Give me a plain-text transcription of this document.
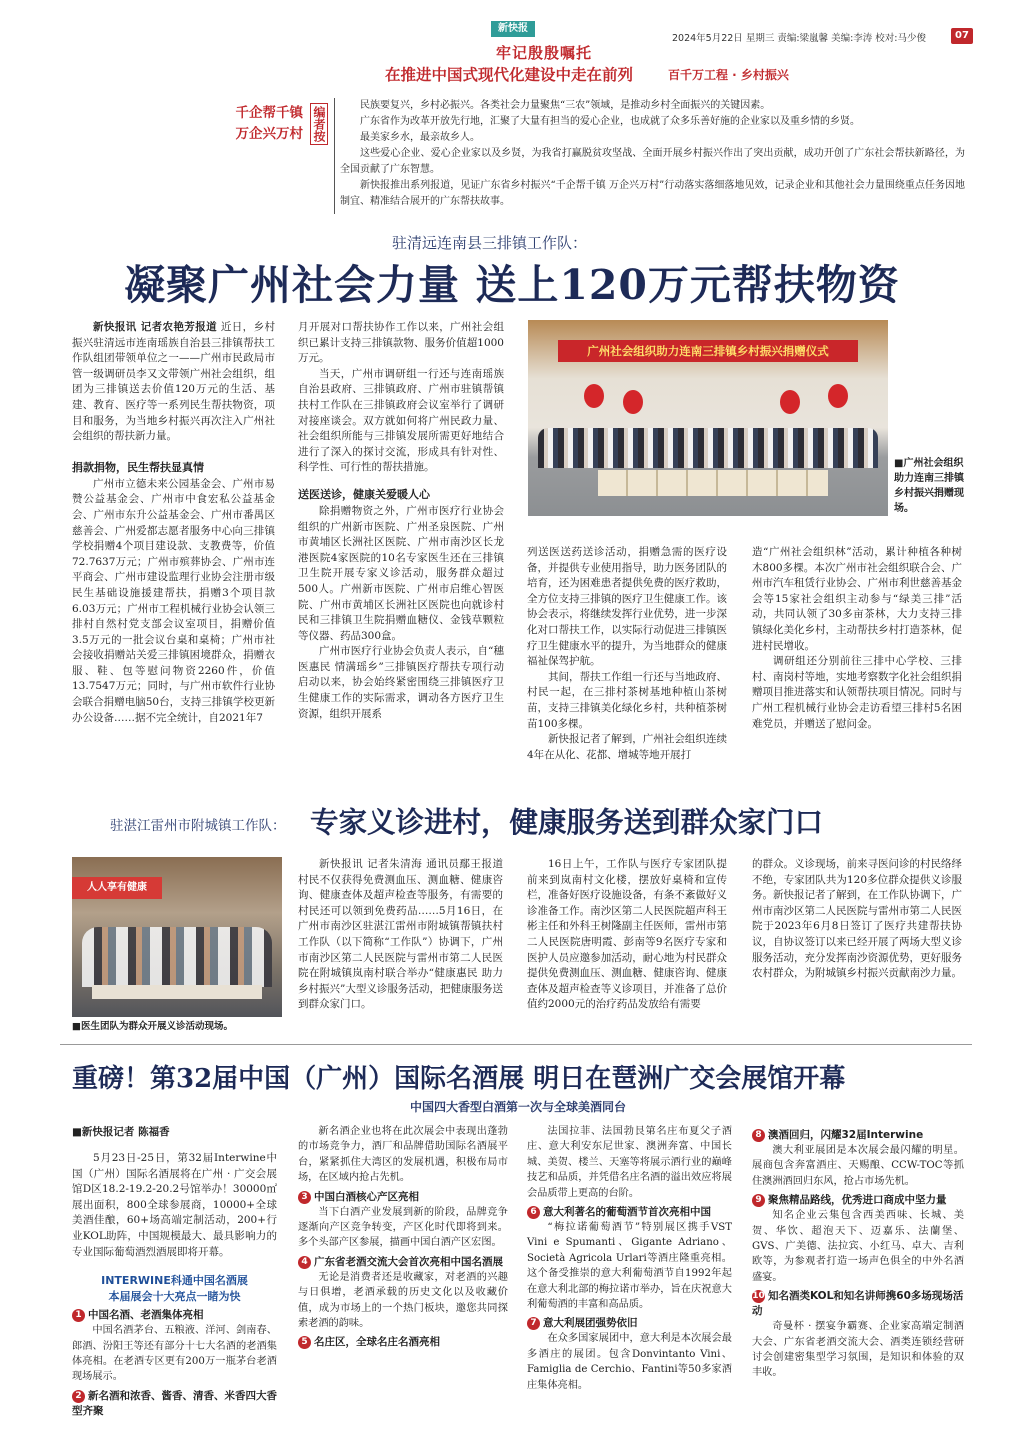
新快报
牢记殷殷嘱托
在推进中国式现代化建设中走在前列	百千万工程 · 乡村振兴
2024年5月22日 星期三 责编:梁嵐馨 美编:李涛 校对:马少俊	07
千企帮千镇
万企兴万村 编者按

民族要复兴，乡村必振兴。各类社会力量聚焦“三农”领域，是推动乡村全面振兴的关键因素。

广东省作为改革开放先行地，汇聚了大量有担当的爱心企业，也成就了众多乐善好施的企业家以及重乡情的乡贤。

最美家乡水，最亲故乡人。

这些爱心企业、爱心企业家以及乡贤，为我省打赢脱贫攻坚战、全面开展乡村振兴作出了突出贡献，成功开创了广东社会帮扶新路径，为全国贡献了广东智慧。

新快报推出系列报道，见证广东省乡村振兴“千企帮千镇 万企兴万村”行动落实落细落地见效，记录企业和其他社会力量围绕重点任务因地制宜、精准结合展开的广东帮扶故事。

驻清远连南县三排镇工作队：
凝聚广州社会力量 送上120万元帮扶物资

新快报讯 记者农艳芳报道 近日，乡村振兴驻清远市连南瑶族自治县三排镇帮扶工作队组团带领单位之一——广州市民政局市管一级调研员李又文带领广州社会组织，组团为三排镇送去价值120万元的生活、基建、教育、医疗等一系列民生帮扶物资，项目和服务，为当地乡村振兴再次注入广州社会组织的帮扶新力量。

捐款捐物，民生帮扶显真情

广州市立德未来公园基金会、广州市易赞公益基金会、广州市中食宏私公益基金会、广州市东升公益基金会、广州市番禺区慈善会、广州爱都志愿者服务中心向三排镇学校捐赠4个项目建设款、支教费等，价值72.7637万元；广州市殡葬协会、广州市连平商会、广州市建设监理行业协会注册市级民生基础设施援建帮扶，捐赠3个项目款6.03万元；广州市工程机械行业协会认领三排村自然村党支部会议室项目，捐赠价值3.5万元的一批会议台桌和桌椅；广州市社会接收捐赠站关爱三排镇困境群众，捐赠衣服、鞋、包等慰问物资2260件，价值13.7547万元；同时，与广州市软件行业协会联合捐赠电脑50台，支持三排镇学校更新办公设备……据不完全统计，自2021年7

月开展对口帮扶协作工作以来，广州社会组织已累计支持三排镇款物、服务价值超1000万元。

当天，广州市调研组一行还与连南瑶族自治县政府、三排镇政府、广州市驻镇帮镇扶村工作队在三排镇政府会议室举行了调研对接座谈会。双方就如何将广州民政力量、社会组织所能与三排镇发展所需更好地结合进行了深入的探讨交流，形成具有针对性、科学性、可行性的帮扶措施。

送医送诊，健康关爱暖人心

除捐赠物资之外，广州市医疗行业协会组织的广州新市医院、广州圣泉医院、广州市黄埔区长洲社区医院、广州市南沙区长龙港医院4家医院的10名专家医生还在三排镇卫生院开展专家义诊活动，服务群众超过500人。广州新市医院、广州市启维心智医院、广州市黄埔区长洲社区医院也向就诊村民和三排镇卫生院捐赠血糖仪、金钱草颗粒等仪器、药品300盒。

广州市医疗行业协会负责人表示，自“穗医惠民 情满瑶乡”三排镇医疗帮扶专项行动启动以来，协会始终紧密围绕三排镇医疗卫生健康工作的实际需求，调动各方医疗卫生资源，组织开展系

广州社会组织助力连南三排镇乡村振兴捐赠仪式
■广州社会组织助力连南三排镇乡村振兴捐赠现场。

列送医送药送诊活动，捐赠急需的医疗设备，并提供专业使用指导，助力医务团队的培育，还为困难患者提供免费的医疗救助，全方位支持三排镇的医疗卫生健康工作。该协会表示，将继续发挥行业优势，进一步深化对口帮扶工作，以实际行动促进三排镇医疗卫生健康水平的提升，为当地群众的健康福祉保驾护航。

其间，帮扶工作组一行还与当地政府、村民一起，在三排村茶树基地种植山茶树苗，支持三排镇美化绿化乡村，共种植茶树苗100多棵。

新快报记者了解到，广州社会组织连续4年在从化、花都、增城等地开展打

造“广州社会组织林”活动，累计种植各种树木800多棵。本次广州市社会组织联合会、广州市汽车租赁行业协会、广州市利世慈善基金会等15家社会组织主动参与“绿美三排”活动，共同认领了30多亩茶林，大力支持三排镇绿化美化乡村，主动帮扶乡村打造茶林，促进村民增收。

调研组还分别前往三排中心学校、三排村、南岗村等地，实地考察数字化社会组织捐赠项目推进落实和认领帮扶项目情况。同时与广州工程机械行业协会走访看望三排村5名困难党员，并赠送了慰问金。

驻湛江雷州市附城镇工作队： 专家义诊进村，健康服务送到群众家门口
人人享有健康
■医生团队为群众开展义诊活动现场。

新快报讯 记者朱清海 通讯员鄢王报道 村民不仅获得免费测血压、测血糖、健康咨询、健康查体及超声检查等服务，有需要的村民还可以领到免费药品……5月16日，在广州市南沙区驻湛江雷州市附城镇帮镇扶村工作队（以下简称“工作队”）协调下，广州市南沙区第二人民医院与雷州市第二人民医院在附城镇岚南村联合举办“健康惠民 助力乡村振兴”大型义诊服务活动，把健康服务送到群众家门口。

16日上午，工作队与医疗专家团队提前来到岚南村文化楼，摆放好桌椅和宣传栏，准备好医疗设施设备，有条不紊做好义诊准备工作。南沙区第二人民医院超声科王彬主任和外科王树隆副主任医师，雷州市第二人民医院唐明霞、彭南等9名医疗专家和医护人员应邀参加活动，耐心地为村民群众提供免费测血压、测血糖、健康咨询、健康查体及超声检查等义诊项目，并准备了总价值约2000元的治疗药品发放给有需要

的群众。义诊现场，前来寻医问诊的村民络绎不绝，专家团队共为120多位群众提供义诊服务。新快报记者了解到，在工作队协调下，广州市南沙区第二人民医院与雷州市第二人民医院于2023年6月8日签订了医疗共建帮扶协议，自协议签订以来已经开展了两场大型义诊服务活动，充分发挥南沙资源优势，更好服务农村群众，为附城镇乡村振兴贡献南沙力量。

重磅！第32届中国（广州）国际名酒展 明日在琶洲广交会展馆开幕
中国四大香型白酒第一次与全球美酒同台
■新快报记者 陈福香

5月23日-25日，第32届Interwine中国（广州）国际名酒展将在广州 · 广交会展馆D区18.2-19.2-20.2号馆举办！30000㎡展出面积，800全球参展商，10000+全球美酒佳酿，60+场高端定制活动，200+行业KOL助阵，中国规模最大、最具影响力的专业国际葡萄酒烈酒展即将开幕。

INTERWINE科通中国名酒展
本届展会十大亮点一睹为快
1 中国名酒、老酒集体亮相

中国名酒茅台、五粮液、洋河、剑南春、郎酒、汾阳王等还有部分十七大名酒的老酒集体亮相。在老酒专区更有200万一瓶茅台老酒现场展示。

2 新名酒和浓香、酱香、清香、米香四大香型齐聚

新名酒企业也将在此次展会中表现出蓬勃的市场竞争力，酒厂和品牌借助国际名酒展平台，紧紧抓住大湾区的发展机遇，积极布局市场，在区域内抢占先机。

3 中国白酒核心产区亮相

当下白酒产业发展到新的阶段，品牌竞争逐渐向产区竞争转变，产区化时代即将到来。多个头部产区参展，描画中国白酒产区宏图。

4 广东省老酒交流大会首次亮相中国名酒展

无论是消费者还是收藏家，对老酒的兴趣与日俱增，老酒承载的历史文化以及收藏价值，成为市场上的一个热门板块，邀您共同探索老酒的韵味。

5 名庄区，全球名庄名酒亮相

法国拉菲、法国勃艮第名庄布夏父子酒庄、意大利安东尼世家、澳洲奔富、中国长城、美贺、楼兰、天塞等将展示酒行业的巅峰技艺和品质，并凭借名庄名酒的溢出效应将展会品质带上更高的台阶。

6 意大利著名的葡萄酒节首次亮相中国

“梅拉诺葡萄酒节”特别展区携手VST Vini e Spumanti、Gigante Adriano、Società Agricola Urlari等酒庄隆重亮相。这个备受推崇的意大利葡萄酒节自1992年起在意大利北部的梅拉诺市举办，旨在庆祝意大利葡萄酒的丰富和高品质。

7 意大利展团强势依旧

在众多国家展团中，意大利是本次展会最多酒庄的展团。包含Donvintanto Vini、Famiglia de Cerchio、Fantini等50多家酒庄集体亮相。

8 澳酒回归，闪耀32届Interwine

澳大利亚展团是本次展会最闪耀的明星。展商包含奔富酒庄、天赐酿、CCW-TOC等抓住澳洲酒回归东风，抢占市场先机。

9 聚焦精品路线，优秀进口商成中坚力量

知名企业云集包含西美西味、长城、美贺、华饮、超泡天下、迈嘉乐、法蘭堡、GVS、广美德、法拉宾、小红马、卓大、吉利欧等，为参观者打造一场声色俱全的中外名酒盛宴。

10 知名酒类KOL和知名讲师携60多场现场活动

奇曼杯 · 摆宴争霸赛、企业家高端定制酒大会、广东省老酒交流大会、酒类连锁经营研讨会创建密集型学习氛围，是知识和体验的双丰收。
